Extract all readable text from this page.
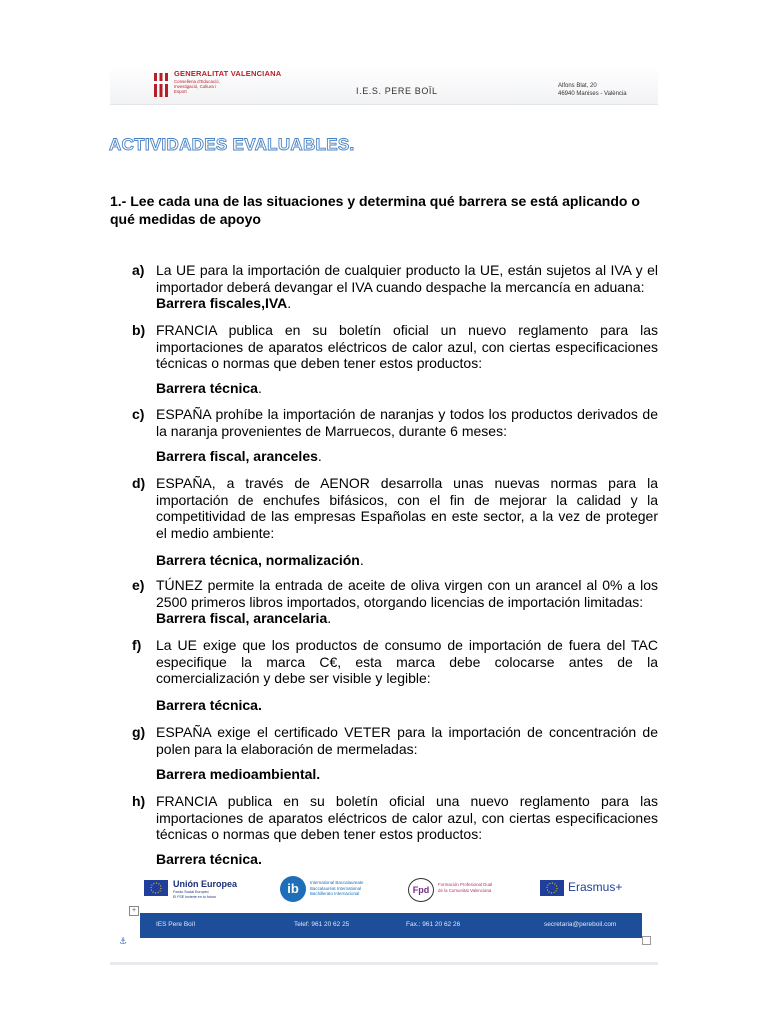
GENERALITAT VALENCIANA
Conselleria d'Educació, Investigació, Cultura i Esport	I.E.S. PERE BOÏL	Alfons Blat, 20
46940 Manises - València
ACTIVIDADES EVALUABLES.
1.- Lee cada una de las situaciones y determina qué barrera se está aplicando o qué medidas de apoyo
a) La UE para la importación de cualquier producto la UE, están sujetos al IVA y el importador deberá devangar el IVA cuando despache la mercancía en aduana:
Barrera fiscales,IVA.
b) FRANCIA publica en su boletín oficial un nuevo reglamento para las importaciones de aparatos eléctricos de calor azul, con ciertas especificaciones técnicas o normas que deben tener estos productos:
Barrera técnica.
c) ESPAÑA prohíbe la importación de naranjas y todos los productos derivados de la naranja provenientes de Marruecos, durante 6 meses:
Barrera fiscal, aranceles.
d) ESPAÑA, a través de AENOR desarrolla unas nuevas normas para la importación de enchufes bifásicos, con el fin de mejorar la calidad y la competitividad de las empresas Españolas en este sector, a la vez de proteger el medio ambiente:
Barrera técnica, normalización.
e) TÚNEZ permite la entrada de aceite de oliva virgen con un arancel al 0% a los 2500 primeros libros importados, otorgando licencias de importación limitadas:
Barrera fiscal, arancelaria.
f) La UE exige que los productos de consumo de importación de fuera del TAC especifique la marca C€, esta marca debe colocarse antes de la comercialización y debe ser visible y legible:
Barrera técnica.
g) ESPAÑA exige el certificado VETER para la importación de concentración de polen para la elaboración de mermeladas:
Barrera medioambiental.
h) FRANCIA publica en su boletín oficial una nuevo reglamento para las importaciones de aparatos eléctricos de calor azul, con ciertas especificaciones técnicas o normas que deben tener estos productos:
Barrera técnica.
Unión Europea
Fondo Social Europeo
El FSE invierte en tu futuro
ib	International Baccalaureate
Baccalauréat International
Bachillerato Internacional	Fpd
Formación Profesional Dual
de la Comunitat Valenciana	Erasmus+
+
IES Pere Boïl	Telef: 961 20 62 25	Fax.: 961 20 62 26	secretaria@pereboil.com
⚓
